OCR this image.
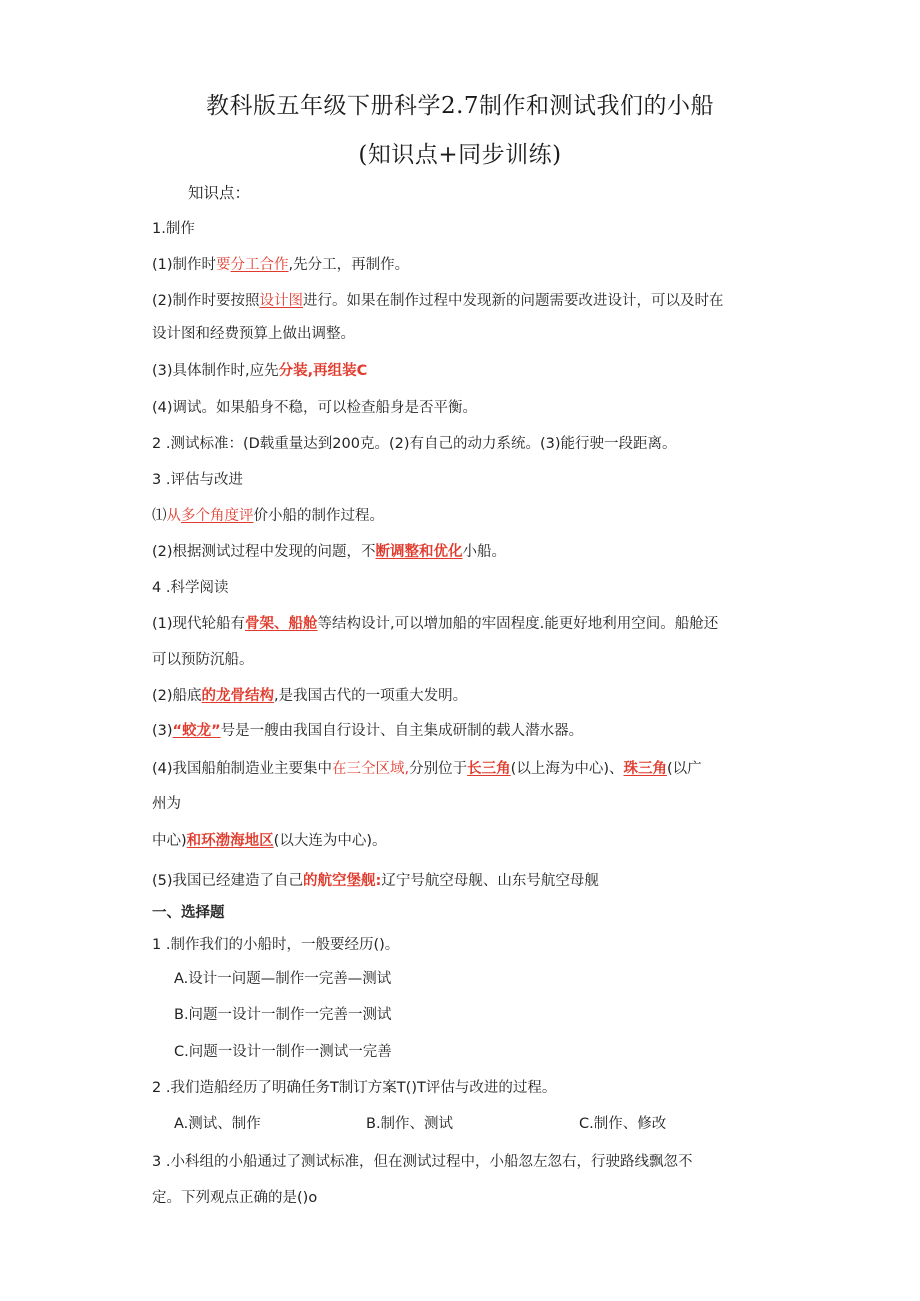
教科版五年级下册科学2.7制作和测试我们的小船
(知识点+同步训练)
知识点：
1.制作
(1)制作时要分工合作,先分工，再制作。
(2)制作时要按照设计图进行。如果在制作过程中发现新的问题需要改进设计，可以及时在
设计图和经费预算上做出调整。
(3)具体制作时,应先分装,再组装C
(4)调试。如果船身不稳，可以检查船身是否平衡。
2 .测试标准：(D载重量达到200克。(2)有自己的动力系统。(3)能行驶一段距离。
3 .评估与改进
⑴从多个角度评价小船的制作过程。
(2)根据测试过程中发现的问题，不断调整和优化小船。
4 .科学阅读
(1)现代轮船有骨架、船舱等结构设计,可以增加船的牢固程度.能更好地利用空间。船舱还
可以预防沉船。
(2)船底的龙骨结构,是我国古代的一项重大发明。
(3)“蛟龙”号是一艘由我国自行设计、自主集成研制的载人潜水器。
(4)我国船舶制造业主要集中在三仝区域,分别位于长三角(以上海为中心)、珠三角(以广
州为
中心)和环渤海地区(以大连为中心)。
(5)我国已经建造了自己的航空堡舰:辽宁号航空母舰、山东号航空母舰
一、选择题
1 .制作我们的小船时，一般要经历()。
A.设计一问题—制作一完善—测试
B.问题一设计一制作一完善一测试
C.问题一设计一制作一测试一完善
2 .我们造船经历了明确任务T制订方案T()T评估与改进的过程。
A.测试、制作	B.制作、测试	C.制作、修改
3 .小科组的小船通过了测试标准，但在测试过程中，小船忽左忽右，行驶路线飘忽不
定。下列观点正确的是()o
